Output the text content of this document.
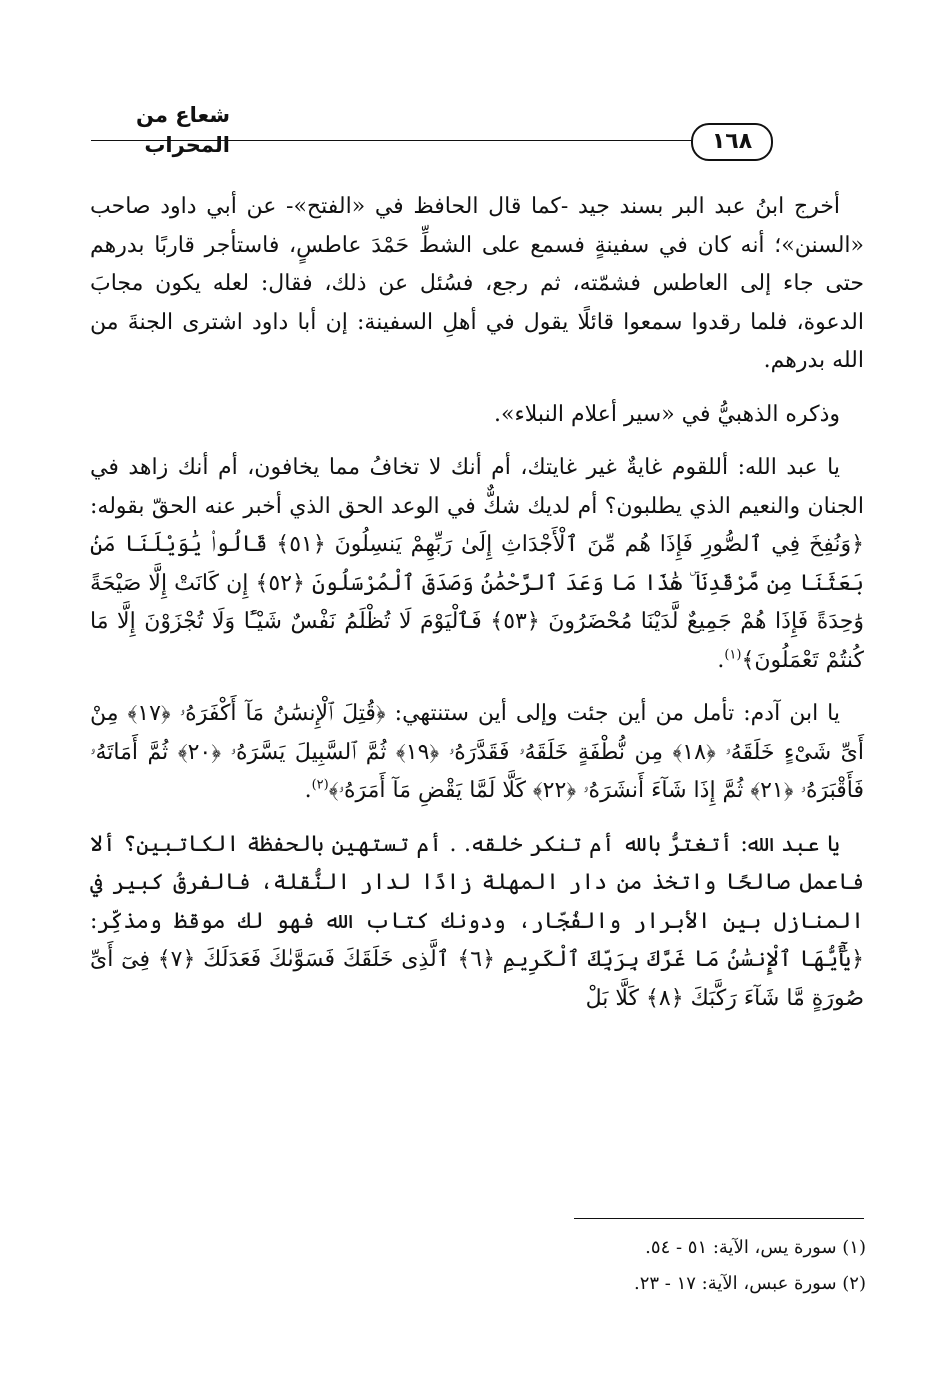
شعاع من المحراب	١٦٨

أخرج ابنُ عبد البر بسند جيد -كما قال الحافظ في «الفتح»- عن أبي داود صاحب «السنن»؛ أنه كان في سفينةٍ فسمع على الشطِّ حَمْدَ عاطسٍ، فاستأجر قاربًا بدرهم حتى جاء إلى العاطس فشمّته، ثم رجع، فسُئل عن ذلك، فقال: لعله يكون مجابَ الدعوة، فلما رقدوا سمعوا قائلًا يقول في أهلِ السفينة: إن أبا داود اشترى الجنةَ من الله بدرهم.

وذكره الذهبيُّ في «سير أعلام النبلاء».

يا عبد الله: أللقوم غايةٌ غير غايتك، أم أنك لا تخافُ مما يخافون، أم أنك زاهد في الجنان والنعيم الذي يطلبون؟ أم لديك شكٌّ في الوعد الحق الذي أخبر عنه الحقّ بقوله: ﴿وَنُفِخَ فِي ٱلصُّورِ فَإِذَا هُم مِّنَ ٱلْأَجْدَاثِ إِلَىٰ رَبِّهِمْ يَنسِلُونَ ﴿٥١﴾ قَالُوا۟ يَٰوَيْلَنَا مَنۢ بَعَثَنَا مِن مَّرْقَدِنَا ۜ هَٰذَا مَا وَعَدَ ٱلرَّحْمَٰنُ وَصَدَقَ ٱلْمُرْسَلُونَ ﴿٥٢﴾ إِن كَانَتْ إِلَّا صَيْحَةً وَٰحِدَةً فَإِذَا هُمْ جَمِيعٌ لَّدَيْنَا مُحْضَرُونَ ﴿٥٣﴾ فَٱلْيَوْمَ لَا تُظْلَمُ نَفْسٌ شَيْـًٔا وَلَا تُجْزَوْنَ إِلَّا مَا كُنتُمْ تَعْمَلُونَ﴾$^{(١)}$.

يا ابن آدم: تأمل من أين جئت وإلى أين ستنتهي: ﴿قُتِلَ ٱلْإِنسَٰنُ مَآ أَكْفَرَهُۥ ﴿١٧﴾ مِنْ أَىِّ شَىْءٍ خَلَقَهُۥ ﴿١٨﴾ مِن نُّطْفَةٍ خَلَقَهُۥ فَقَدَّرَهُۥ ﴿١٩﴾ ثُمَّ ٱلسَّبِيلَ يَسَّرَهُۥ ﴿٢٠﴾ ثُمَّ أَمَاتَهُۥ فَأَقْبَرَهُۥ ﴿٢١﴾ ثُمَّ إِذَا شَآءَ أَنشَرَهُۥ ﴿٢٢﴾ كَلَّا لَمَّا يَقْضِ مَآ أَمَرَهُۥ﴾$^{(٢)}$.

يا عبد الله: أتغترُّ بالله أم تنكر خلقه. . أم تستهين بالحفظة الكاتبين؟ ألا فاعمل صالحًا واتخذ من دار المهلة زادًا لدار النُّقلة، فالفرقُ كبير في المنازل بين الأبرار والفُجّار، ودونك كتاب الله فهو لك موقظ ومذكِّر: ﴿يَٰٓأَيُّهَا ٱلْإِنسَٰنُ مَا غَرَّكَ بِرَبِّكَ ٱلْكَرِيمِ ﴿٦﴾ ٱلَّذِى خَلَقَكَ فَسَوَّىٰكَ فَعَدَلَكَ ﴿٧﴾ فِىٓ أَىِّ صُورَةٍ مَّا شَآءَ رَكَّبَكَ ﴿٨﴾ كَلَّا بَلْ

(١) سورة يس، الآية: ٥١ - ٥٤.

(٢) سورة عبس، الآية: ١٧ - ٢٣.
